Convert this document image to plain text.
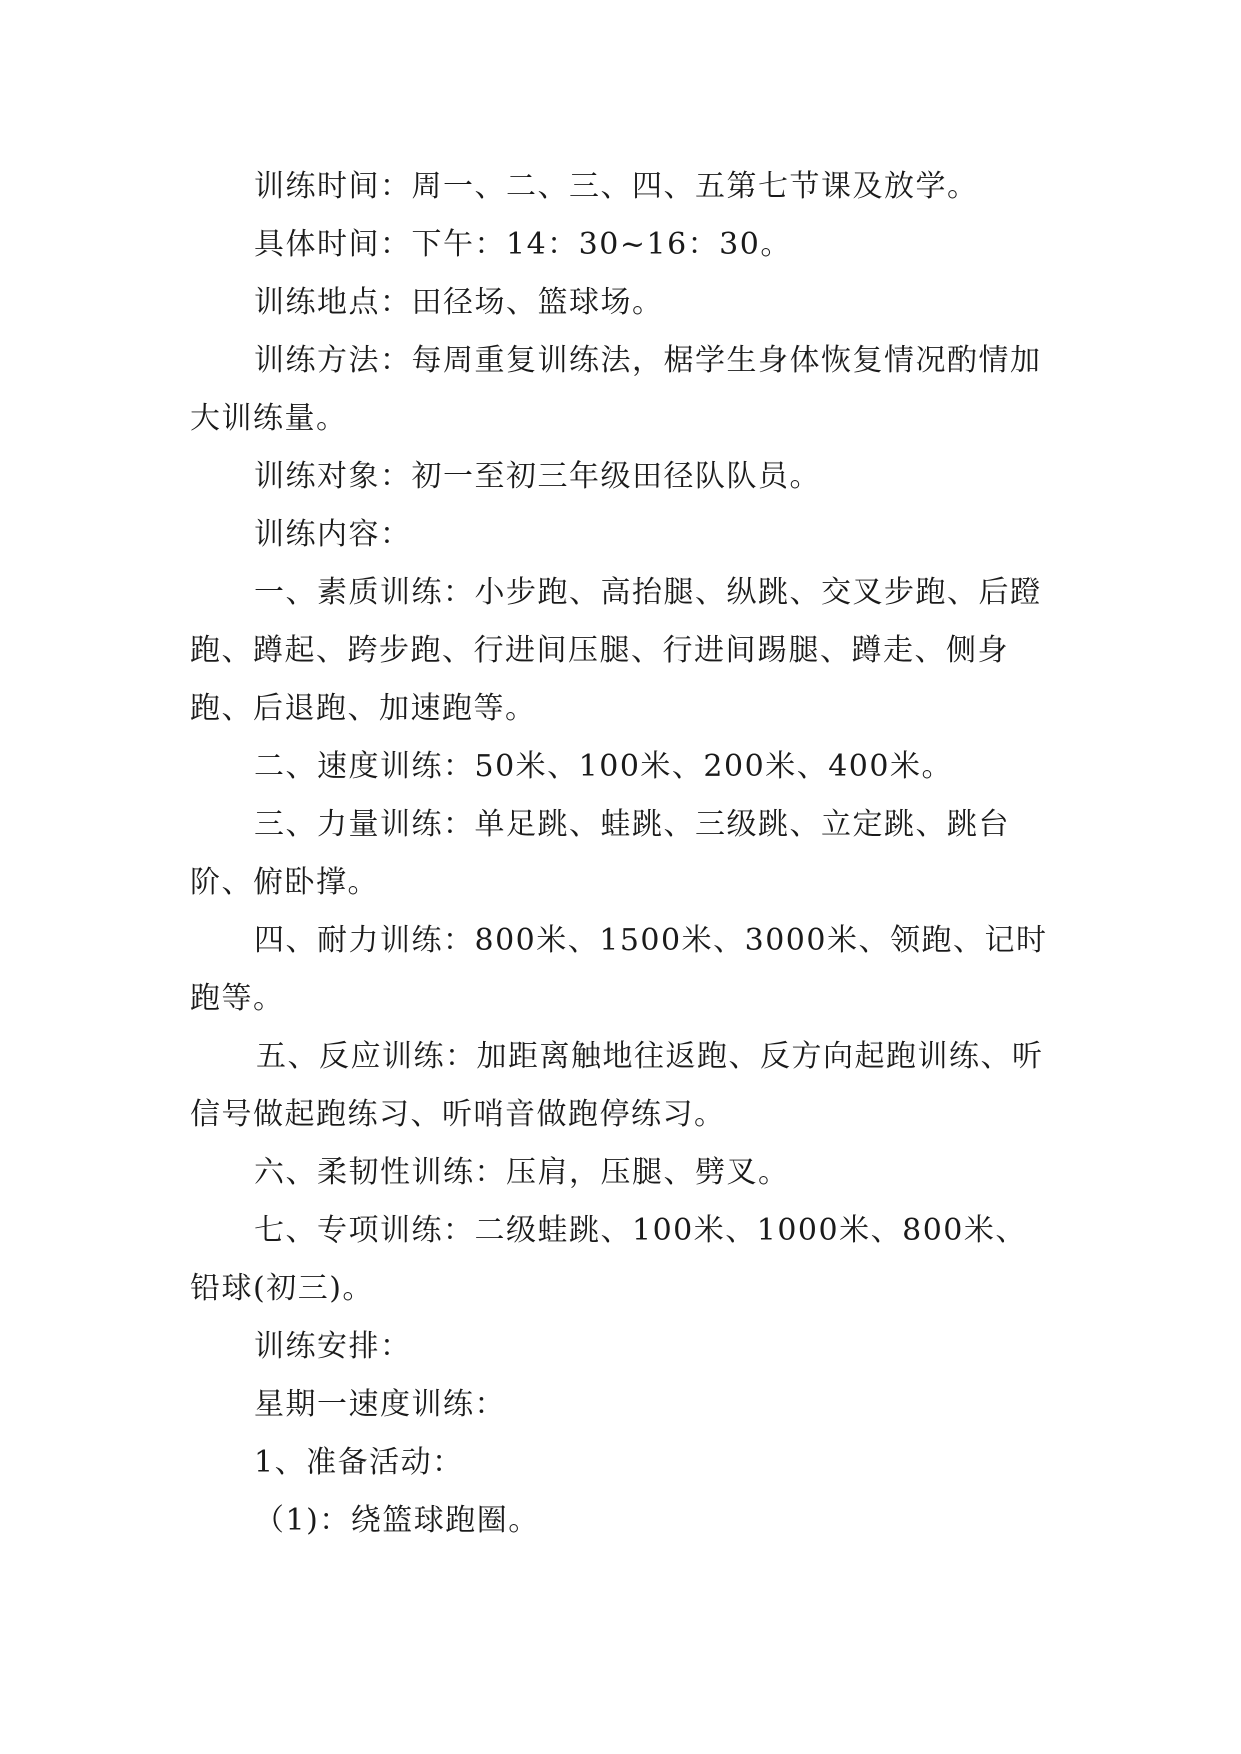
训练时间：周一、二、三、四、五第七节课及放学。

具体时间：下午：14：30~16：30。

训练地点：田径场、篮球场。

训练方法：每周重复训练法，椐学生身体恢复情况酌情加大训练量。

训练对象：初一至初三年级田径队队员。

训练内容：

一、素质训练：小步跑、高抬腿、纵跳、交叉步跑、后蹬跑、蹲起、跨步跑、行进间压腿、行进间踢腿、蹲走、侧身跑、后退跑、加速跑等。

二、速度训练：50米、100米、200米、400米。

三、力量训练：单足跳、蛙跳、三级跳、立定跳、跳台阶、俯卧撑。

四、耐力训练：800米、1500米、3000米、领跑、记时跑等。

五、反应训练：加距离触地往返跑、反方向起跑训练、听信号做起跑练习、听哨音做跑停练习。

六、柔韧性训练：压肩，压腿、劈叉。

七、专项训练：二级蛙跳、100米、1000米、800米、铅球(初三)。

训练安排：

星期一速度训练：

1、准备活动：

（1)：绕篮球跑圈。
